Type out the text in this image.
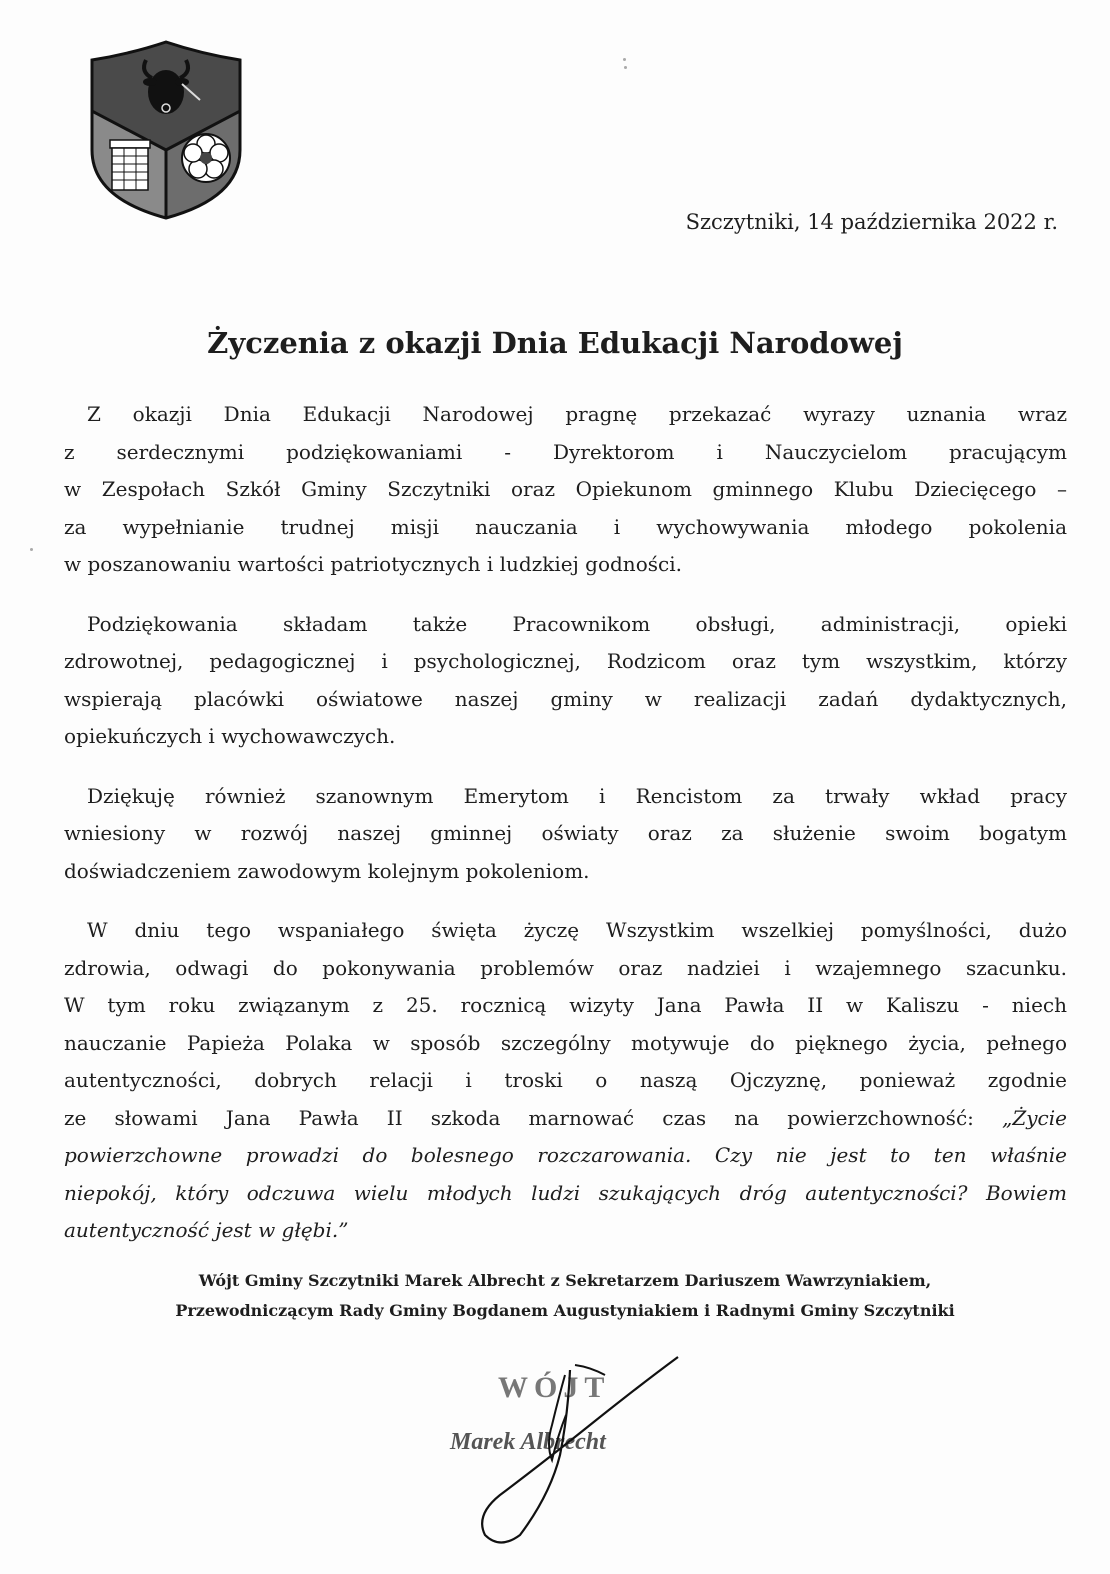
Szczytniki, 14 października 2022 r.
Życzenia z okazji Dnia Edukacji Narodowej
Z okazji Dnia Edukacji Narodowej pragnę przekazać wyrazy uznania wraz
z serdecznymi podziękowaniami - Dyrektorom i Nauczycielom pracującym
w Zespołach Szkół Gminy Szczytniki oraz Opiekunom gminnego Klubu Dziecięcego –
za wypełnianie trudnej misji nauczania i wychowywania młodego pokolenia
w poszanowaniu wartości patriotycznych i ludzkiej godności.
Podziękowania składam także Pracownikom obsługi, administracji, opieki
zdrowotnej, pedagogicznej i psychologicznej, Rodzicom oraz tym wszystkim, którzy
wspierają placówki oświatowe naszej gminy w realizacji zadań dydaktycznych,
opiekuńczych i wychowawczych.
Dziękuję również szanownym Emerytom i Rencistom za trwały wkład pracy
wniesiony w rozwój naszej gminnej oświaty oraz za służenie swoim bogatym
doświadczeniem zawodowym kolejnym pokoleniom.
W dniu tego wspaniałego święta życzę Wszystkim wszelkiej pomyślności, dużo
zdrowia, odwagi do pokonywania problemów oraz nadziei i wzajemnego szacunku.
W tym roku związanym z 25. rocznicą wizyty Jana Pawła II w Kaliszu - niech
nauczanie Papieża Polaka w sposób szczególny motywuje do pięknego życia, pełnego
autentyczności, dobrych relacji i troski o naszą Ojczyznę, ponieważ zgodnie
ze słowami Jana Pawła II szkoda marnować czas na powierzchowność: „Życie
powierzchowne prowadzi do bolesnego rozczarowania. Czy nie jest to ten właśnie
niepokój, który odczuwa wielu młodych ludzi szukających dróg autentyczności? Bowiem
autentyczność jest w głębi.”
Wójt Gminy Szczytniki Marek Albrecht z Sekretarzem Dariuszem Wawrzyniakiem,
Przewodniczącym Rady Gminy Bogdanem Augustyniakiem i Radnymi Gminy Szczytniki
WÓJT
Marek Albrecht
